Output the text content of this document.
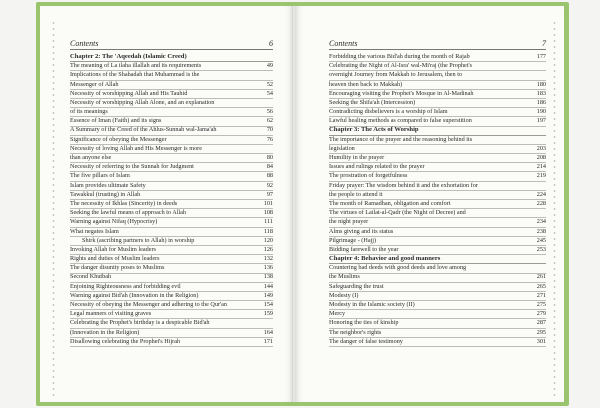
Contents	6
Chapter 2: The 'Aqeedah (Islamic Creed)
The meaning of La ilaha illallah and its requirements	49
Implications of the Shahadah that Muhammad is the
Messenger of Allah	52
Necessity of worshipping Allah and His Tauhid	54
Necessity of worshipping Allah Alone, and an explanation
of its meanings	56
Essence of Iman (Faith) and its signs	62
A Summary of the Creed of the Ahlus-Sunnah wal-Jama'ah	70
Significance of obeying the Messenger	76
Necessity of loving Allah and His Messenger is more
than anyone else	80
Necessity of referring to the Sunnah for Judgment	84
The five pillars of Islam	88
Islam provides ultimate Safety	92
Tawakkul (trusting) in Allah	97
The necessity of Ikhlas (Sincerity) in deeds	101
Seeking the lawful means of approach to Allah	108
Warning against Nifaq (Hypocrisy)	111
What negates Islam	118
Shirk (ascribing partners to Allah) in worship	120
Invoking Allah for Muslim leaders	126
Rights and duties of Muslim leaders	132
The danger disunity poses to Muslims	136
Second Khutbah	138
Enjoining Righteousness and forbidding evil	144
Warning against Bid'ah (Innovation in the Religion)	149
Necessity of obeying the Messenger and adhering to the Qur'an	154
Legal manners of visiting graves	159
Celebrating the Prophet's birthday is a despicable Bid'ah
(Innovation in the Religion)	164
Disallowing celebrating the Prophet's Hijrah	171
Contents	7
Forbidding the various Bid'ah during the month of Rajab	177
Celebrating the Night of Al-Isra' wal-Mi'raj (the Prophet's
overnight Journey from Makkah to Jerusalem, then to
heaven then back to Makkah)	180
Encouraging visiting the Prophet's Mosque in Al-Madinah	183
Seeking the Shifa'ah (Intercession)	186
Contradicting disbelievers is a worship of Islam	190
Lawful healing methods as compared to false superstition	197
Chapter 3: The Acts of Worship
The importance of the prayer and the reasoning behind its
legislation	203
Humility in the prayer	208
Issues and rulings related to the prayer	214
The prostration of forgetfulness	219
Friday prayer: The wisdom behind it and the exhortation for
the people to attend it	224
The month of Ramadhan, obligation and comfort	228
The virtues of Lailat-al-Qadr (the Night of Decree) and
the night prayer	234
Alms giving and its status	238
Pilgrimage - (Hajj)	245
Bidding farewell to the year	253
Chapter 4: Behavior and good manners
Countering bad deeds with good deeds and love among
the Muslims	261
Safeguarding the trust	265
Modesty (I)	271
Modesty in the Islamic society (II)	275
Mercy	279
Honoring the ties of kinship	287
The neighbor's rights	295
The danger of false testimony	301
